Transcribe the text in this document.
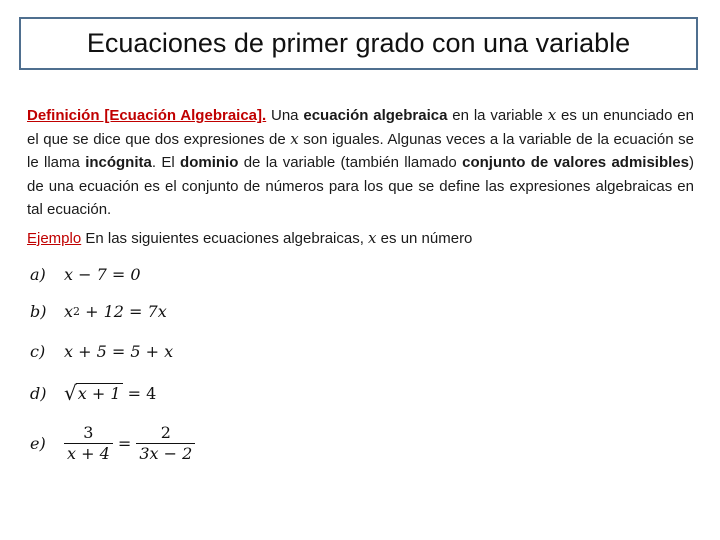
Ecuaciones de primer grado con una variable

Definición [Ecuación Algebraica]. Una ecuación algebraica en la variable x es un enunciado en el que se dice que dos expresiones de x son iguales. Algunas veces a la variable de la ecuación se le llama incógnita. El dominio de la variable (también llamado conjunto de valores admisibles) de una ecuación es el conjunto de números para los que se define las expresiones algebraicas en tal ecuación.

Ejemplo En las siguientes ecuaciones algebraicas, x es un número

a)	x − 7 = 0
b)	x 2 + 12 = 7x
c)	x + 5 = 5 + x
d) √ x + 1 = 4
e)	$\frac{3}{x + 4} = \frac{2}{3x - 2}$
